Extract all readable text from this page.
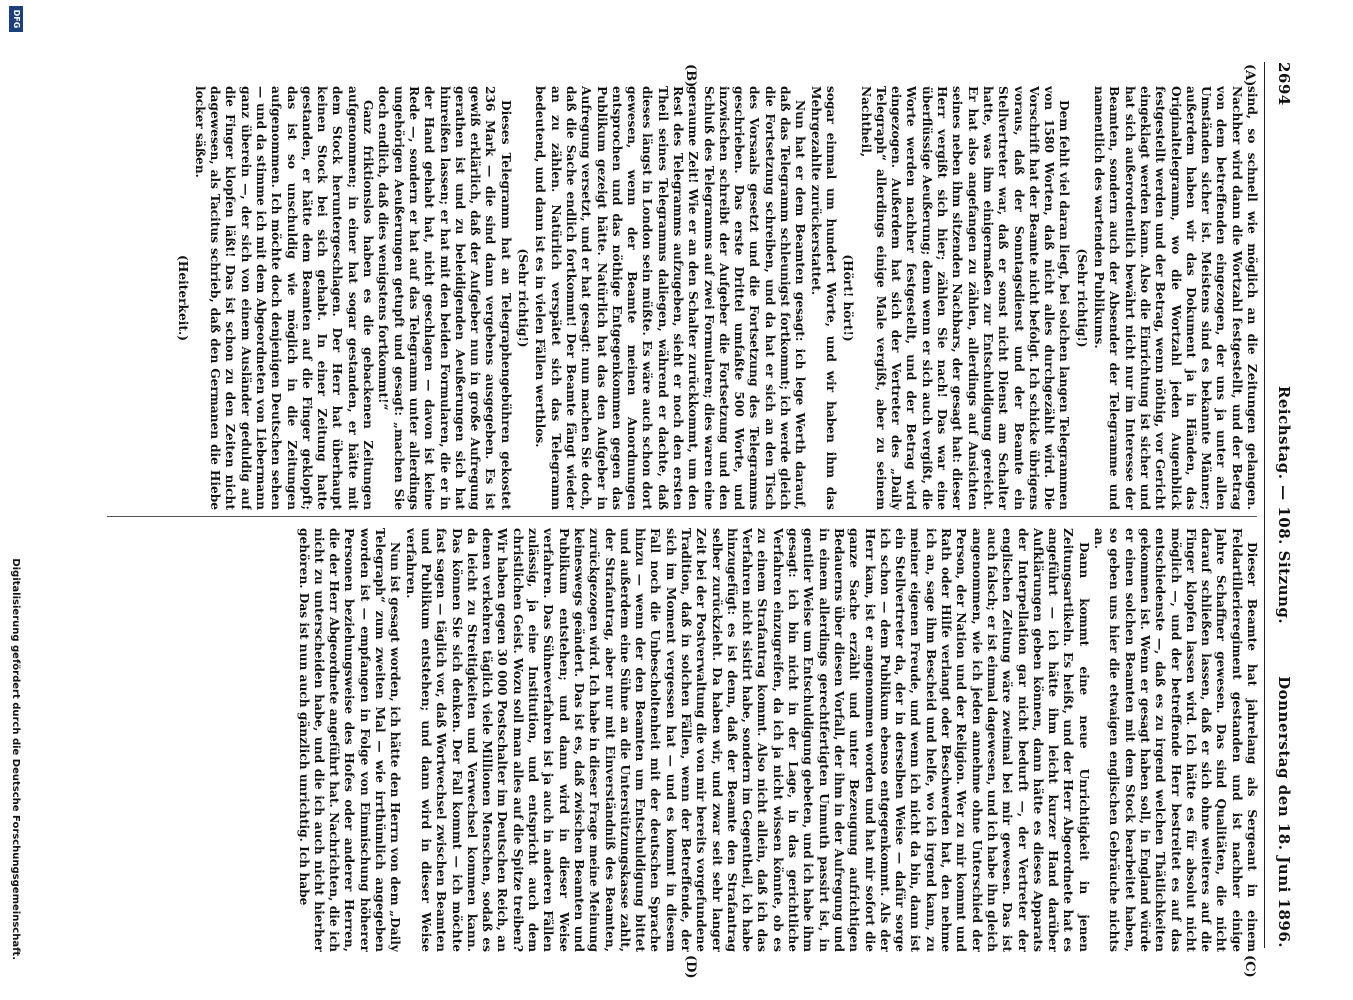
2694
Reichstag. — 108. Sitzung.
Donnerstag den 18. Juni 1896.
(A)
(B)
(C)
(D)

sind, so schnell wie möglich an die Zeitungen gelangen. Nachher wird dann die Wortzahl festgestellt, und der Betrag von dem betreffenden eingezogen, der uns ja unter allen Umständen sicher ist. Meistens sind es bekannte Männer; außerdem haben wir das Dokument ja in Händen, das Originaltelegramm, wo die Wortzahl jeden Augenblick festgestellt werden und der Betrag, wenn nöthig, vor Gericht eingeklagt werden kann. Also die Einrichtung ist sicher und hat sich außerordentlich bewährt nicht nur im Interesse der Beamten, sondern auch der Absender der Telegramme und namentlich des wartenden Publikums.

(Sehr richtig!)

Dem fehlt viel daran liegt, bei solchen langen Telegrammen von 1580 Worten, daß nicht alles durchgezählt wird. Die Vorschrift hat der Beamte nicht befolgt. Ich schicke übrigens voraus, daß der Sonntagsdienst und der Beamte ein Stellvertreter war, daß er sonst nicht Dienst am Schalter hatte, was ihm einigermaßen zur Entschuldigung gereicht. Er hat also angefangen zu zählen, allerdings auf Ansichten seines neben ihm sitzenden Nachbars, der gesagt hat: dieser Herr vergißt sich hier; zählen Sie nach! Das war eine überflüssige Aeußerung; denn wenn er sich auch vergißt, die Worte werden nachher festgestellt, und der Betrag wird eingezogen. Außerdem hat sich der Vertreter des „Daily Telegraph“ allerdings einige Male vergißt, aber zu seinem Nachtheil,

(Hört! hört!)

sogar einmal um hundert Worte, und wir haben ihm das Mehrgezahlte zurückerstattet.

Nun hat er dem Beamten gesagt: ich lege Werth darauf, daß das Telegramm schleunigst fortkommt; ich werde gleich die Fortsetzung schreiben, und da hat er sich an den Tisch des Vorsaals gesetzt und die Fortsetzung des Telegramms geschrieben. Das erste Drittel umfaßte 500 Worte, und inzwischen schreibt der Aufgeber die Fortsetzung und den Schluß des Telegramms auf zwei Formularen; dies waren eine geraume Zeit! Wie er an den Schalter zurückkommt, um den Rest des Telegramms aufzugeben, sieht er noch den ersten Theil seines Telegramms daliegen, während er dachte, daß dieses längst in London sein müßte. Es wäre auch schon dort gewesen, wenn der Beamte meinen Anordnungen entsprochen und das nöthige Entgegenkommen gegen das Publikum gezeigt hätte. Natürlich hat das den Aufgeber in Aufregung versetzt, und er hat gesagt: nun machen Sie doch, daß die Sache endlich fortkommt! Der Beamte fängt wieder an zu zählen. Natürlich verspätet sich das Telegramm bedeutend, und dann ist es in vielen Fällen werthlos.

(Sehr richtig!)

Dieses Telegramm hat an Telegraphengebühren gekostet 236 Mark — die sind dann vergebens ausgegeben. Es ist gewiß erklärlich, daß der Aufgeber nun in große Aufregung gerathen ist und zu beleidigenden Aeußerungen sich hat hinreißen lassen; er hat mit den beiden Formularen, die er in der Hand gehabt hat, nicht geschlagen — davon ist keine Rede —, sondern er hat auf das Telegramm unter allerdings ungehörigen Aeußerungen getupft und gesagt: „machen Sie doch endlich, daß dies wenigstens fortkommt!“

Ganz friktionslos haben es die gebackenen Zeitungen aufgenommen; in einer hat sogar gestanden, er hätte mit dem Stock heruntergeschlagen. Der Herr hat überhaupt keinen Stock bei sich gehabt. In einer Zeitung hatte gestanden, er hätte dem Beamten auf die Finger geklopft; das ist so unschuldig wie möglich in die Zeitungen aufgenommen. Ich möchte doch denjenigen Deutschen sehen — und da stimme ich mit dem Abgeordneten von Liebermann ganz überein —, der sich von einem Ausländer geduldig auf die Finger klopfen läßt! Das ist schon zu den Zeiten nicht dagewesen, als Tacitus schrieb, daß den Germanen die Hiebe locker säßen.

(Heiterkeit.)

Dieser Beamte hat jahrelang als Sergeant in einem Feldartillerieregiment gestanden und ist nachher einige Jahre Schaffner gewesen. Das sind Qualitäten, die nicht darauf schließen lassen, daß er sich ohne weiteres auf die Finger klopfen lassen wird. Ich hätte es für absolut nicht möglich —, und der betreffende Herr bestreitet es auf das entschiedenste —, daß es zu irgend welchen Thätlichkeiten gekommen ist. Wenn er gesagt haben soll, in England würde er einen solchen Beamten mit dem Stock bearbeitet haben, so geben uns hier die etwaigen englischen Gebräuche nichts an.

Dann kommt eine neue Unrichtigkeit in jenen Zeitungsartikeln. Es heißt, und der Herr Abgeordnete hat es angeführt — ich hätte ihm leicht kurzer Hand darüber Aufklärungen geben können, dann hätte es dieses Apparats der Interpellation gar nicht bedurft —, der Vertreter der englischen Zeitung wäre zweimal bei mir gewesen. Das ist auch falsch; er ist einmal dagewesen, und ich habe ihn gleich angenommen, wie ich jeden annehme ohne Unterschied der Person, der Nation und der Religion. Wer zu mir kommt und Rath oder Hilfe verlangt oder Beschwerden hat, den nehme ich an, sage ihm Bescheid und helfe, wo ich irgend kann, zu meiner eigenen Freude, und wenn ich nicht da bin, dann ist ein Stellvertreter da, der in derselben Weise — dafür sorge ich schon — dem Publikum ebenso entgegenkommt. Als der Herr kam, ist er angenommen worden und hat mir sofort die ganze Sache erzählt und unter Bezeugung aufrichtigen Bedauerns über diesen Vorfall, der ihm in der Aufregung und in einem allerdings gerechtfertigten Unmuth passirt ist, in gentiler Weise um Entschuldigung gebeten, und ich habe ihm gesagt: ich bin nicht in der Lage, in das gerichtliche Verfahren einzugreifen, da ich ja nicht wissen könnte, ob es zu einem Strafantrag kommt. Also nicht allein, daß ich das Verfahren nicht sistirt habe, sondern im Gegentheil, ich habe hinzugefügt: es ist denn, daß der Beamte den Strafantrag selber zurückzieht. Da haben wir, und zwar seit sehr langer Zeit bei der Postverwaltung die von mir bereits vorgefundene Tradition, daß in solchen Fällen, wenn der Betreffende, der sich im Moment vergessen hat — und es kommt in diesem Fall noch die Unbescholtenheit mit der deutschen Sprache hinzu — wenn der den Beamten um Entschuldigung bittet und außerdem eine Sühne an die Unterstützungskasse zahlt, der Strafantrag, aber nur mit Einverständniß des Beamten, zurückgezogen wird. Ich habe in dieser Frage meine Meinung keineswegs geändert. Das ist es, daß zwischen Beamten und Publikum entstehen; und dann wird in dieser Weise verfahren. Das Sühneverfahren ist ja auch in anderen Fällen zulässig, ja eine Institution, und entspricht auch dem christlichen Geist. Wozu soll man alles auf die Spitze treiben? Wir haben gegen 30 000 Postschalter im Deutschen Reich, an denen verkehren täglich viele Millionen Menschen, sodaß es da leicht zu Streitigkeiten und Verwechsel kommen kann. Das können Sie sich denken. Der Fall kommt — ich möchte fast sagen — täglich vor, daß Wortwechsel zwischen Beamten und Publikum entstehen; und dann wird in dieser Weise verfahren.

Nun ist gesagt worden, ich hätte den Herrn von dem „Daily Telegraph“ zum zweiten Mal — wie irrthümlich angegeben worden ist — empfangen in Folge von Einmischung höherer Personen beziehungsweise des Hofes oder anderer Herren, die der Herr Abgeordnete angeführt hat. Nachrichten, die ich nicht zu unterscheiden habe, und die ich auch nicht hierher gehören. Das ist nun auch gänzlich unrichtig. Ich habe

DFG
Digitalisierung gefördert durch die Deutsche Forschungsgemeinschaft.
